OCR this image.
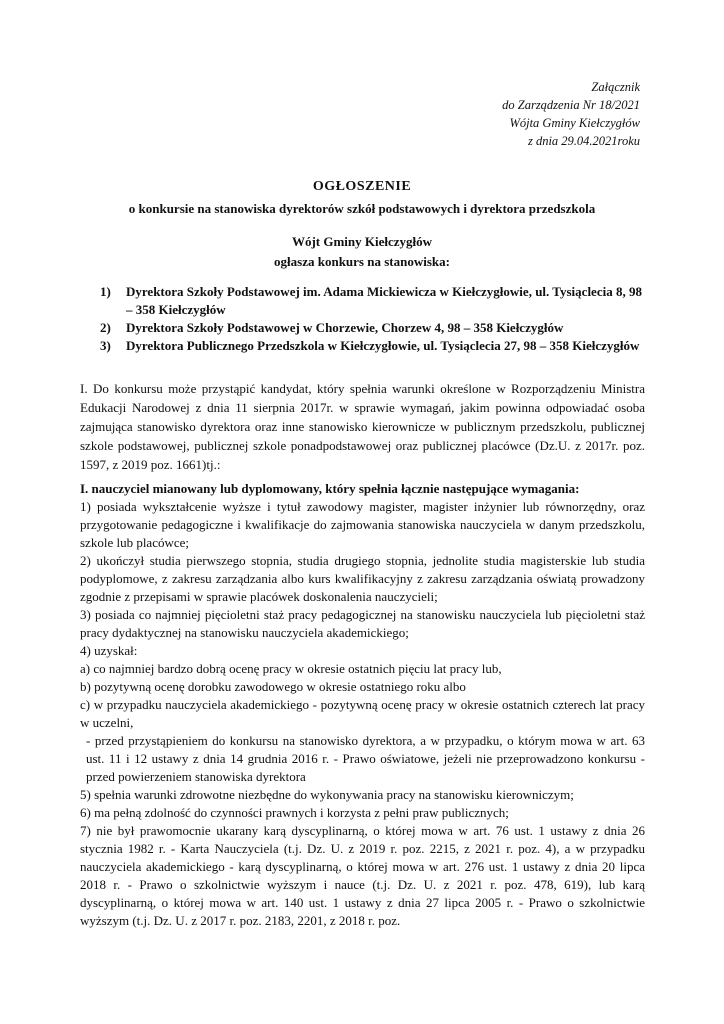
Załącznik
do Zarządzenia Nr 18/2021
Wójta Gminy Kiełczygłów
z dnia 29.04.2021roku
OGŁOSZENIE
o konkursie na stanowiska dyrektorów szkół podstawowych i dyrektora przedszkola
Wójt Gminy Kiełczygłów
ogłasza konkurs na stanowiska:
1) Dyrektora Szkoły Podstawowej im. Adama Mickiewicza w Kiełczygłowie, ul. Tysiąclecia 8, 98 – 358 Kiełczygłów
2) Dyrektora Szkoły Podstawowej w Chorzewie, Chorzew 4, 98 – 358 Kiełczygłów
3) Dyrektora Publicznego Przedszkola w Kiełczygłowie, ul. Tysiąclecia 27, 98 – 358 Kiełczygłów
I. Do konkursu może przystąpić kandydat, który spełnia warunki określone w Rozporządzeniu Ministra Edukacji Narodowej z dnia 11 sierpnia 2017r. w sprawie wymagań, jakim powinna odpowiadać osoba zajmująca stanowisko dyrektora oraz inne stanowisko kierownicze w publicznym przedszkolu, publicznej szkole podstawowej, publicznej szkole ponadpodstawowej oraz publicznej placówce (Dz.U. z 2017r. poz. 1597, z 2019 poz. 1661)tj.:

I. nauczyciel mianowany lub dyplomowany, który spełnia łącznie następujące wymagania:

1) posiada wykształcenie wyższe i tytuł zawodowy magister, magister inżynier lub równorzędny, oraz przygotowanie pedagogiczne i kwalifikacje do zajmowania stanowiska nauczyciela w danym przedszkolu, szkole lub placówce;

2) ukończył studia pierwszego stopnia, studia drugiego stopnia, jednolite studia magisterskie lub studia podyplomowe, z zakresu zarządzania albo kurs kwalifikacyjny z zakresu zarządzania oświatą prowadzony zgodnie z przepisami w sprawie placówek doskonalenia nauczycieli;

3) posiada co najmniej pięcioletni staż pracy pedagogicznej na stanowisku nauczyciela lub pięcioletni staż pracy dydaktycznej na stanowisku nauczyciela akademickiego;

4) uzyskał:

a) co najmniej bardzo dobrą ocenę pracy w okresie ostatnich pięciu lat pracy lub,

b) pozytywną ocenę dorobku zawodowego w okresie ostatniego roku albo

c) w przypadku nauczyciela akademickiego - pozytywną ocenę pracy w okresie ostatnich czterech lat pracy w uczelni,

- przed przystąpieniem do konkursu na stanowisko dyrektora, a w przypadku, o którym mowa w art. 63 ust. 11 i 12 ustawy z dnia 14 grudnia 2016 r. - Prawo oświatowe, jeżeli nie przeprowadzono konkursu - przed powierzeniem stanowiska dyrektora

5) spełnia warunki zdrowotne niezbędne do wykonywania pracy na stanowisku kierowniczym;

6) ma pełną zdolność do czynności prawnych i korzysta z pełni praw publicznych;

7) nie był prawomocnie ukarany karą dyscyplinarną, o której mowa w art. 76 ust. 1 ustawy z dnia 26 stycznia 1982 r. - Karta Nauczyciela (t.j. Dz. U. z 2019 r. poz. 2215, z 2021 r. poz. 4), a w przypadku nauczyciela akademickiego - karą dyscyplinarną, o której mowa w art. 276 ust. 1 ustawy z dnia 20 lipca 2018 r. - Prawo o szkolnictwie wyższym i nauce (t.j. Dz. U. z 2021 r. poz. 478, 619), lub karą dyscyplinarną, o której mowa w art. 140 ust. 1 ustawy z dnia 27 lipca 2005 r. - Prawo o szkolnictwie wyższym (t.j. Dz. U. z 2017 r. poz. 2183, 2201, z 2018 r. poz.
